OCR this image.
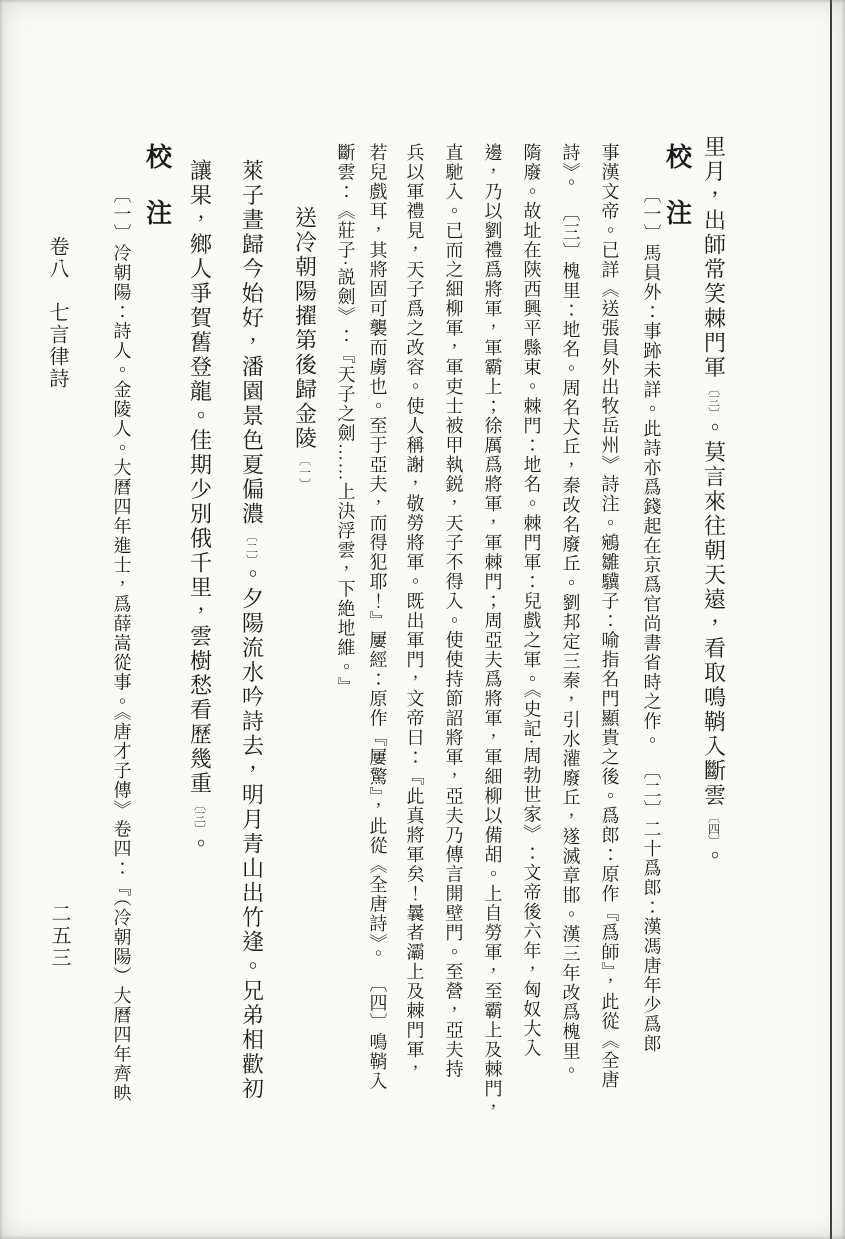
里月，出師常笑棘門軍〔三〕。莫言來往朝天遠，看取鳴鞘入斷雲〔四〕。
校　注
〔一〕馬員外：事跡未詳。此詩亦爲錢起在京爲官尚書省時之作。　〔二〕二十爲郎：漢馮唐年少爲郎
事漢文帝。已詳《送張員外出牧岳州》詩注。鵷雛驥子：喻指名門顯貴之後。爲郎：原作『爲師』，此從《全唐
詩》。　〔三〕槐里：地名。周名犬丘，秦改名廢丘。劉邦定三秦，引水灌廢丘，遂滅章邯。漢三年改爲槐里。
隋廢。故址在陝西興平縣東。棘門：地名。棘門軍：兒戲之軍。《史記·周勃世家》：文帝後六年，匈奴大入
邊，乃以劉禮爲將軍，軍霸上；徐厲爲將軍，軍棘門；周亞夫爲將軍，軍細柳以備胡。上自勞軍，至霸上及棘門，
直馳入。已而之細柳軍，軍吏士被甲執鋭，天子不得入。使使持節詔將軍，亞夫乃傳言開壁門。至營，亞夫持
兵以軍禮見，天子爲之改容。使人稱謝，敬勞將軍。既出軍門，文帝曰：『此真將軍矣！曩者灞上及棘門軍，
若兒戲耳，其將固可襲而虜也。至于亞夫，而得犯耶！』屢經：原作『屢驚』，此從《全唐詩》。　〔四〕鳴鞘入
斷雲：《莊子·説劍》：『天子之劍……上決浮雲，下絶地維。』
送冷朝陽擢第後歸金陵〔一〕
萊子晝歸今始好，潘園景色夏偏濃〔二〕。夕陽流水吟詩去，明月青山出竹逢。兄弟相歡初
讓果，鄉人爭賀舊登龍。佳期少別俄千里，雲樹愁看歷幾重〔三〕。
校　注
〔一〕冷朝陽：詩人。金陵人。大曆四年進士，爲薛嵩從事。《唐才子傳》卷四：『（冷朝陽）大曆四年齊映
卷八　七言律詩
二五三
